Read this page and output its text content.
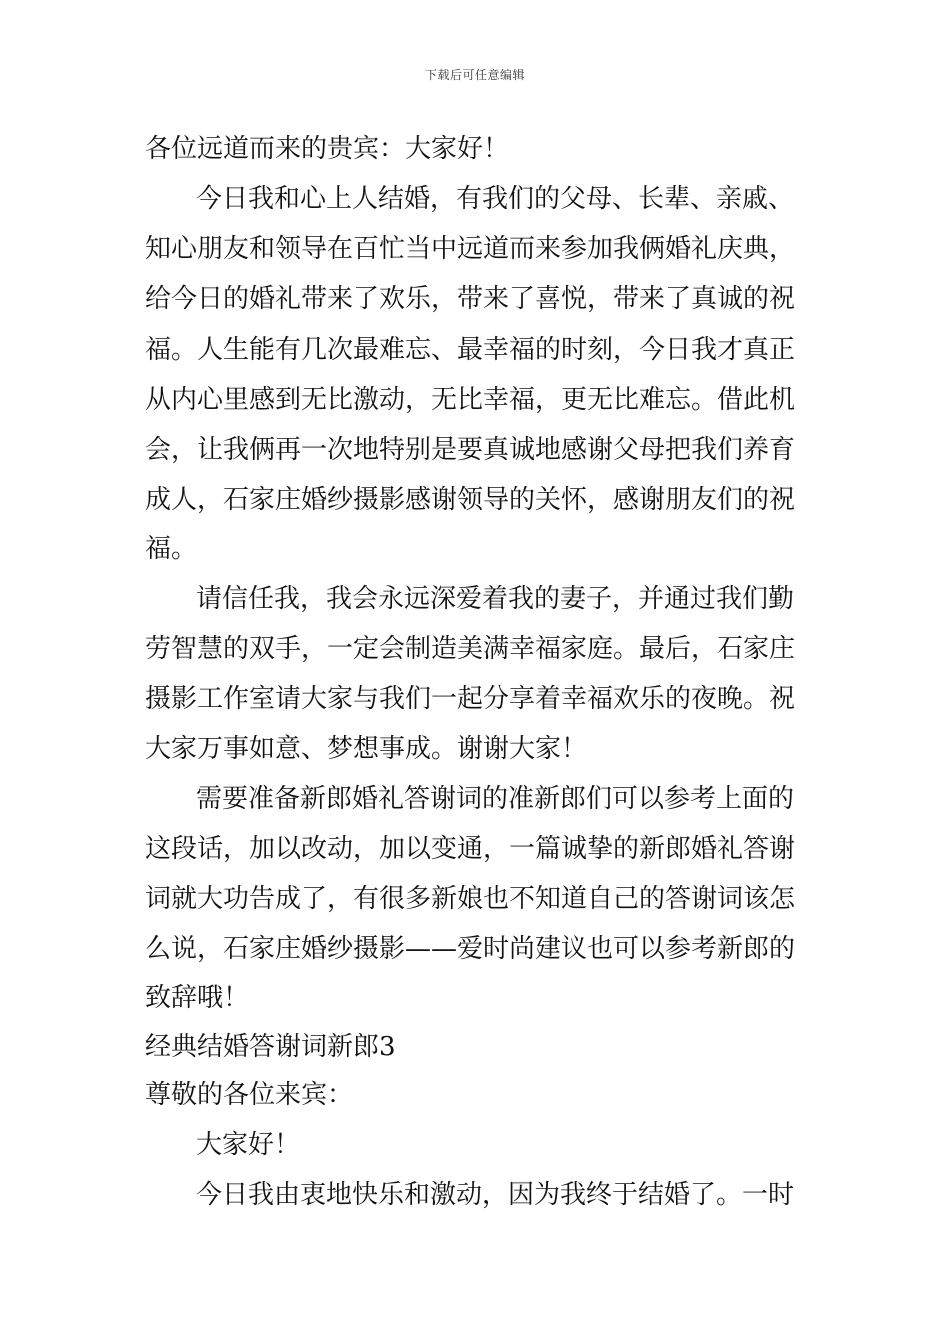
下载后可任意编辑
各位远道而来的贵宾：大家好！
今日我和心上人结婚，有我们的父母、长辈、亲戚、
知心朋友和领导在百忙当中远道而来参加我俩婚礼庆典，
给今日的婚礼带来了欢乐，带来了喜悦，带来了真诚的祝
福。人生能有几次最难忘、最幸福的时刻，今日我才真正
从内心里感到无比激动，无比幸福，更无比难忘。借此机
会，让我俩再一次地特别是要真诚地感谢父母把我们养育
成人，石家庄婚纱摄影感谢领导的关怀，感谢朋友们的祝
福。
请信任我，我会永远深爱着我的妻子，并通过我们勤
劳智慧的双手，一定会制造美满幸福家庭。最后，石家庄
摄影工作室请大家与我们一起分享着幸福欢乐的夜晚。祝
大家万事如意、梦想事成。谢谢大家！
需要准备新郎婚礼答谢词的准新郎们可以参考上面的
这段话，加以改动，加以变通，一篇诚挚的新郎婚礼答谢
词就大功告成了，有很多新娘也不知道自己的答谢词该怎
么说，石家庄婚纱摄影——爱时尚建议也可以参考新郎的
致辞哦！
经典结婚答谢词新郎3
尊敬的各位来宾：
大家好！
今日我由衷地快乐和激动，因为我终于结婚了。一时
